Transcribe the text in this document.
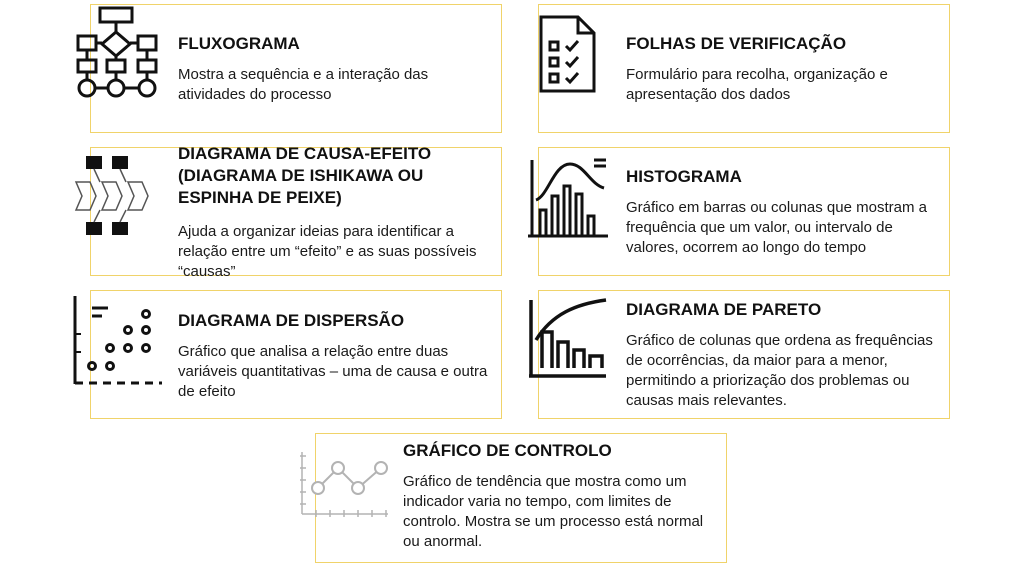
FLUXOGRAMA
Mostra a sequência e a interação das atividades do processo
FOLHAS DE VERIFICAÇÃO
Formulário para recolha, organização e apresentação dos dados
DIAGRAMA DE CAUSA-EFEITO (DIAGRAMA DE ISHIKAWA OU ESPINHA DE PEIXE)
Ajuda a organizar ideias para identificar a relação entre um “efeito” e as suas possíveis “causas”
HISTOGRAMA
Gráfico em barras ou colunas que mostram a frequência que um valor, ou intervalo de valores, ocorrem ao longo do tempo
DIAGRAMA DE DISPERSÃO
Gráfico que analisa a relação entre duas variáveis quantitativas – uma de causa e outra de efeito
DIAGRAMA DE PARETO
Gráfico de colunas que ordena as frequências de ocorrências, da maior para a menor, permitindo a priorização dos problemas ou causas mais relevantes.
GRÁFICO DE CONTROLO
Gráfico de tendência que mostra como um indicador varia no tempo, com limites de controlo. Mostra se um processo está normal ou anormal.
